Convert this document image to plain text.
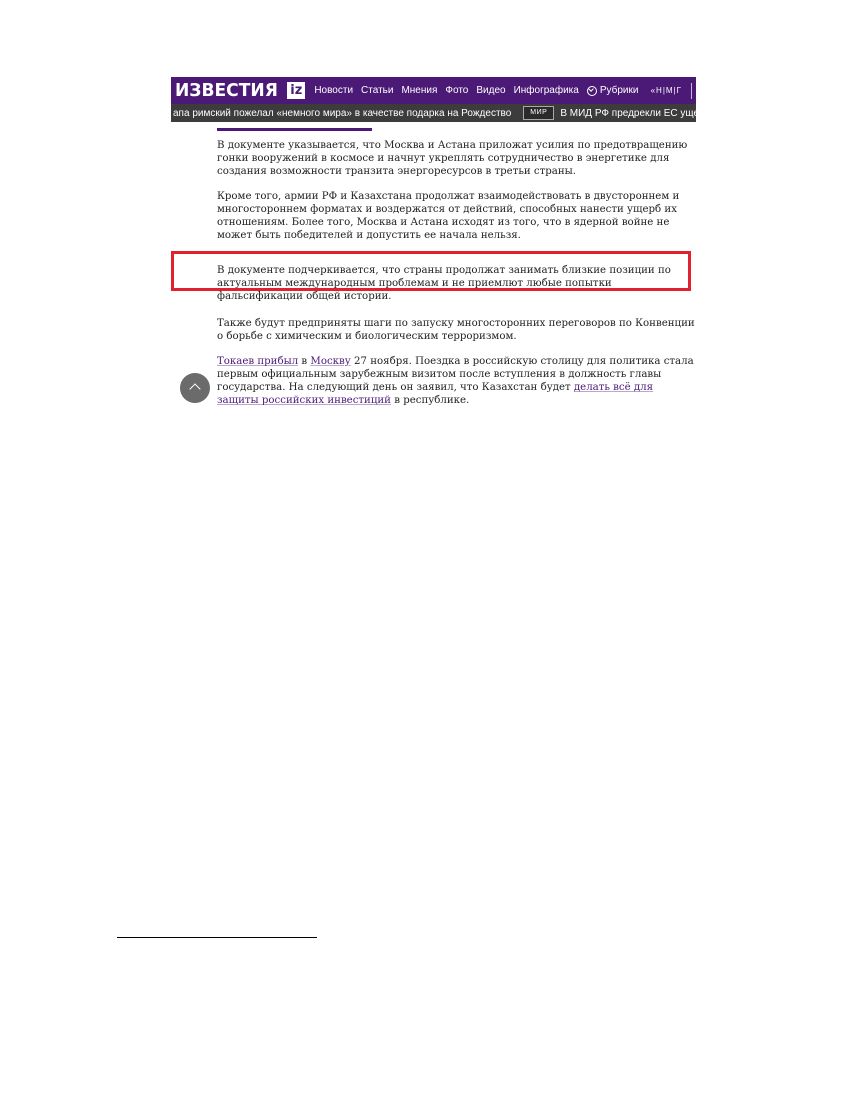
ИЗВЕСТИЯ iz	Новости Статьи Мнения Фото Видео Инфографика Рубрики «Н|М|Г
апа римский пожелал «немного мира» в качестве подарка на Рождество	МИР	В МИД РФ предрекли ЕС ущерб от

В документе указывается, что Москва и Астана приложат усилия по предотвращению гонки вооружений в космосе и начнут укреплять сотрудничество в энергетике для создания возможности транзита энергоресурсов в третьи страны.

Кроме того, армии РФ и Казахстана продолжат взаимодействовать в двустороннем и многостороннем форматах и воздержатся от действий, способных нанести ущерб их отношениям. Более того, Москва и Астана исходят из того, что в ядерной войне не может быть победителей и допустить ее начала нельзя.

В документе подчеркивается, что страны продолжат занимать близкие позиции по актуальным международным проблемам и не приемлют любые попытки фальсификации общей истории.

Также будут предприняты шаги по запуску многосторонних переговоров по Конвенции о борьбе с химическим и биологическим терроризмом.

Токаев прибыл в Москву 27 ноября. Поездка в российскую столицу для политика стала первым официальным зарубежным визитом после вступления в должность главы государства. На следующий день он заявил, что Казахстан будет делать всё для защиты российских инвестиций в республике.
